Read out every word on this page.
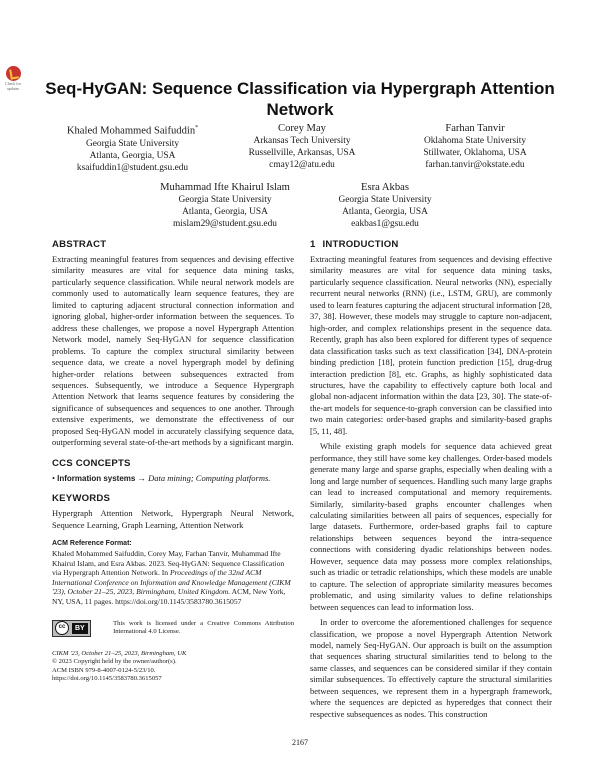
Check for updates	Seq-HyGAN: Sequence Classification via Hypergraph Attention Network
Khaled Mohammed Saifuddin*
Georgia State University
Atlanta, Georgia, USA
ksaifuddin1@student.gsu.edu
Corey May
Arkansas Tech University
Russellville, Arkansas, USA
cmay12@atu.edu
Farhan Tanvir
Oklahoma State University
Stillwater, Oklahoma, USA
farhan.tanvir@okstate.edu
Muhammad Ifte Khairul Islam
Georgia State University
Atlanta, Georgia, USA
mislam29@student.gsu.edu
Esra Akbas
Georgia State University
Atlanta, Georgia, USA
eakbas1@gsu.edu
ABSTRACT

Extracting meaningful features from sequences and devising effective similarity measures are vital for sequence data mining tasks, particularly sequence classification. While neural network models are commonly used to automatically learn sequence features, they are limited to capturing adjacent structural connection information and ignoring global, higher-order information between the sequences. To address these challenges, we propose a novel Hypergraph Attention Network model, namely Seq-HyGAN for sequence classification problems. To capture the complex structural similarity between sequence data, we create a novel hypergraph model by defining higher-order relations between subsequences extracted from sequences. Subsequently, we introduce a Sequence Hypergraph Attention Network that learns sequence features by considering the significance of subsequences and sequences to one another. Through extensive experiments, we demonstrate the effectiveness of our proposed Seq-HyGAN model in accurately classifying sequence data, outperforming several state-of-the-art methods by a significant margin.

CCS CONCEPTS

• Information systems → Data mining; Computing platforms.

KEYWORDS

Hypergraph Attention Network, Hypergraph Neural Network, Sequence Learning, Graph Learning, Attention Network

ACM Reference Format:

Khaled Mohammed Saifuddin, Corey May, Farhan Tanvir, Muhammad Ifte Khairul Islam, and Esra Akbas. 2023. Seq-HyGAN: Sequence Classification via Hypergraph Attention Network. In Proceedings of the 32nd ACM International Conference on Information and Knowledge Management (CIKM '23), October 21–25, 2023, Birmingham, United Kingdom. ACM, New York, NY, USA, 11 pages. https://doi.org/10.1145/3583780.3615057

cc	BY
This work is licensed under a Creative Commons Attribution International 4.0 License.
CIKM '23, October 21–25, 2023, Birmingham, UK
© 2023 Copyright held by the owner/author(s).
ACM ISBN 979-8-4007-0124-5/23/10.
https://doi.org/10.1145/3583780.3615057
1 INTRODUCTION

Extracting meaningful features from sequences and devising effective similarity measures are vital for sequence data mining tasks, particularly sequence classification. Neural networks (NN), especially recurrent neural networks (RNN) (i.e., LSTM, GRU), are commonly used to learn features capturing the adjacent structural information [28, 37, 38]. However, these models may struggle to capture non-adjacent, high-order, and complex relationships present in the sequence data. Recently, graph has also been explored for different types of sequence data classification tasks such as text classification [34], DNA-protein binding prediction [18], protein function prediction [15], drug-drug interaction prediction [8], etc. Graphs, as highly sophisticated data structures, have the capability to effectively capture both local and global non-adjacent information within the data [23, 30]. The state-of-the-art models for sequence-to-graph conversion can be classified into two main categories: order-based graphs and similarity-based graphs [5, 11, 48].

While existing graph models for sequence data achieved great performance, they still have some key challenges. Order-based models generate many large and sparse graphs, especially when dealing with a long and large number of sequences. Handling such many large graphs can lead to increased computational and memory requirements. Similarly, similarity-based graphs encounter challenges when calculating similarities between all pairs of sequences, especially for large datasets. Furthermore, order-based graphs fail to capture relationships between sequences beyond the intra-sequence connections with considering dyadic relationships between nodes. However, sequence data may possess more complex relationships, such as triadic or tetradic relationships, which these models are unable to capture. The selection of appropriate similarity measures becomes problematic, and using similarity values to define relationships between sequences can lead to information loss.

In order to overcome the aforementioned challenges for sequence classification, we propose a novel Hypergraph Attention Network model, namely Seq-HyGAN. Our approach is built on the assumption that sequences sharing structural similarities tend to belong to the same classes, and sequences can be considered similar if they contain similar subsequences. To effectively capture the structural similarities between sequences, we represent them in a hypergraph framework, where the sequences are depicted as hyperedges that connect their respective subsequences as nodes. This construction

2167
